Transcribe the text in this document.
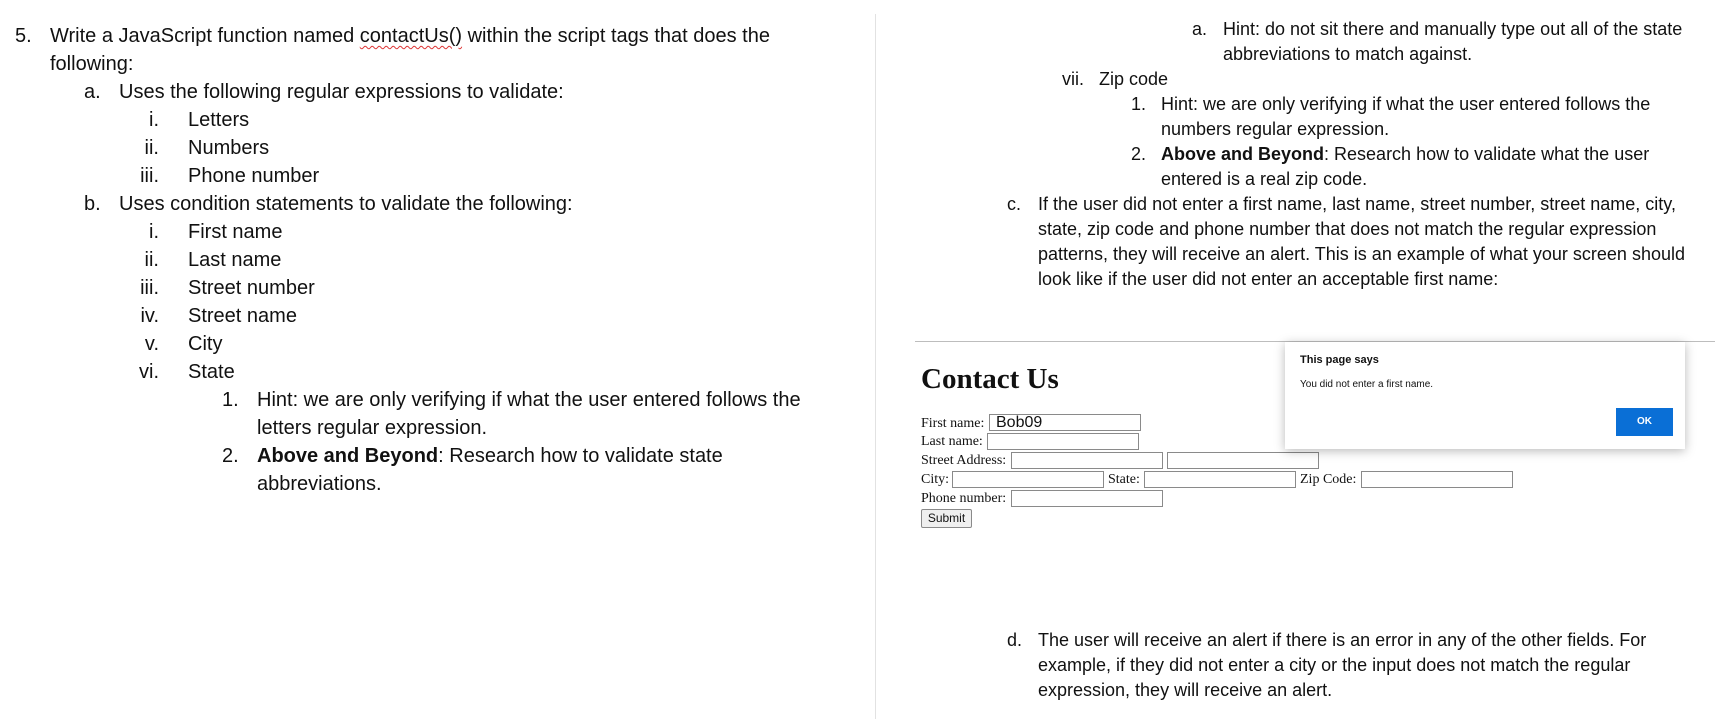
5. Write a JavaScript function named contactUs() within the script tags that does the
following:
a. Uses the following regular expressions to validate:
i. Letters
ii. Numbers
iii. Phone number
b. Uses condition statements to validate the following:
i. First name
ii. Last name
iii. Street number
iv. Street name
v. City
vi. State
1. Hint: we are only verifying if what the user entered follows the
letters regular expression.
2. Above and Beyond: Research how to validate state
abbreviations.
a. Hint: do not sit there and manually type out all of the state
abbreviations to match against.
vii. Zip code
1. Hint: we are only verifying if what the user entered follows the
numbers regular expression.
2. Above and Beyond: Research how to validate what the user
entered is a real zip code.
c. If the user did not enter a first name, last name, street number, street name, city,
state, zip code and phone number that does not match the regular expression
patterns, they will receive an alert. This is an example of what your screen should
look like if the user did not enter an acceptable first name:
Contact Us
First name: Bob09
Last name:
Street Address:
City:	State:	Zip Code:
Phone number:
Submit
This page says
You did not enter a first name.
OK
d. The user will receive an alert if there is an error in any of the other fields. For
example, if they did not enter a city or the input does not match the regular
expression, they will receive an alert.
